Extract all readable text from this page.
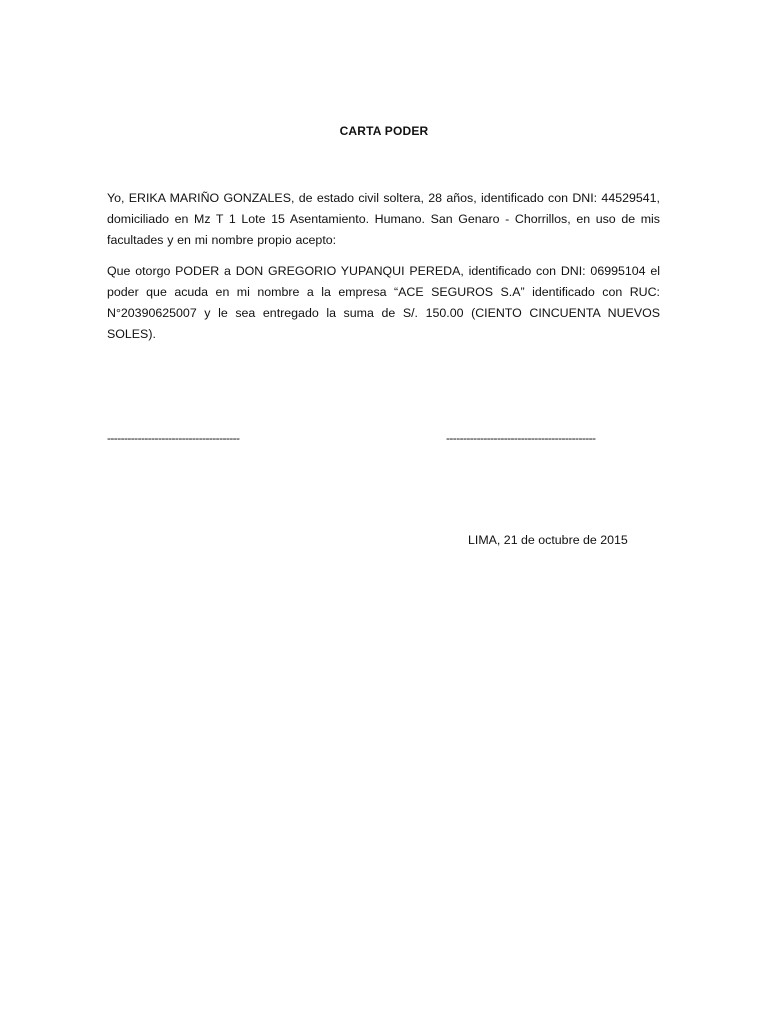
CARTA PODER
Yo, ERIKA MARIÑO GONZALES, de estado civil soltera, 28 años, identificado con DNI: 44529541, domiciliado en Mz T 1 Lote 15 Asentamiento. Humano. San Genaro - Chorrillos, en uso de mis facultades y en mi nombre propio acepto:
Que otorgo PODER a DON GREGORIO YUPANQUI PEREDA, identificado con DNI: 06995104 el poder que acuda en mi nombre a la empresa “ACE SEGUROS S.A” identificado con RUC: N°20390625007 y le sea entregado la suma de S/. 150.00 (CIENTO CINCUENTA NUEVOS SOLES).
---------------------------------------	--------------------------------------------
LIMA, 21 de octubre de 2015
